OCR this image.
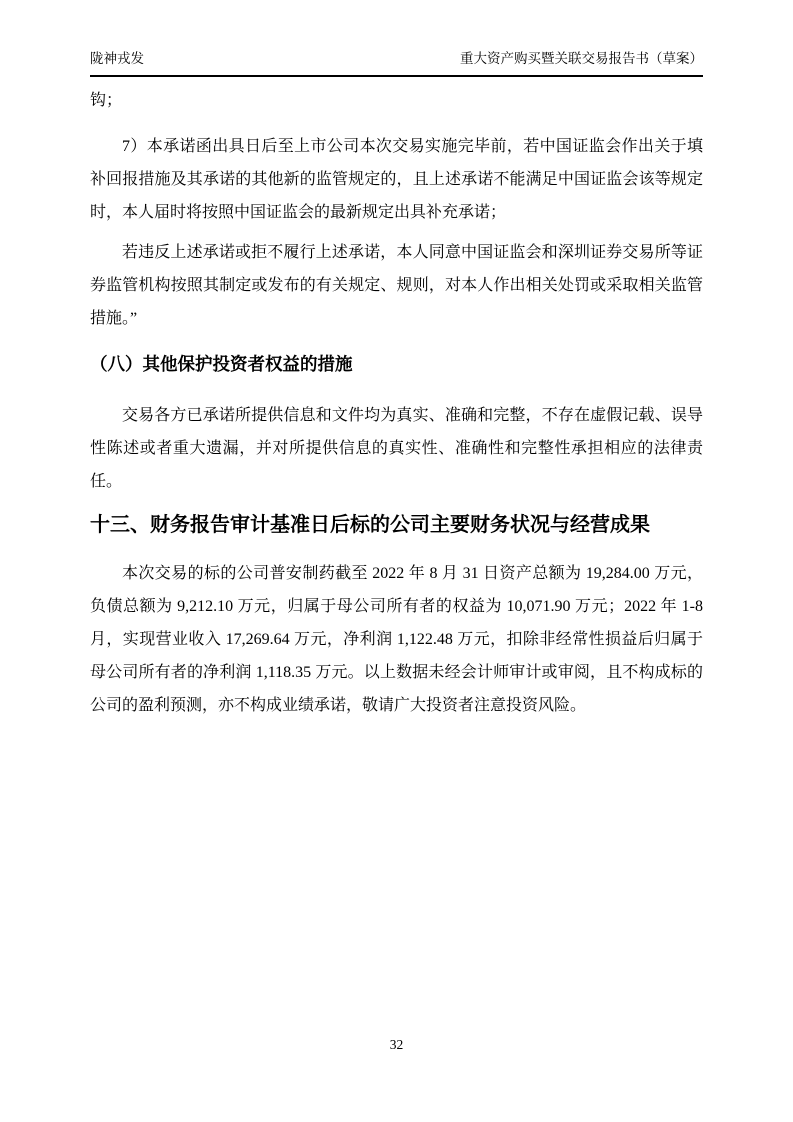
陇神戎发	重大资产购买暨关联交易报告书（草案）

钩；

7）本承诺函出具日后至上市公司本次交易实施完毕前，若中国证监会作出关于填补回报措施及其承诺的其他新的监管规定的，且上述承诺不能满足中国证监会该等规定时，本人届时将按照中国证监会的最新规定出具补充承诺；

若违反上述承诺或拒不履行上述承诺，本人同意中国证监会和深圳证券交易所等证券监管机构按照其制定或发布的有关规定、规则，对本人作出相关处罚或采取相关监管措施。”

（八）其他保护投资者权益的措施

交易各方已承诺所提供信息和文件均为真实、准确和完整，不存在虚假记载、误导性陈述或者重大遗漏，并对所提供信息的真实性、准确性和完整性承担相应的法律责任。

十三、财务报告审计基准日后标的公司主要财务状况与经营成果

本次交易的标的公司普安制药截至 2022 年 8 月 31 日资产总额为 19,284.00 万元，负债总额为 9,212.10 万元，归属于母公司所有者的权益为 10,071.90 万元；2022 年 1-8 月，实现营业收入 17,269.64 万元，净利润 1,122.48 万元，扣除非经常性损益后归属于母公司所有者的净利润 1,118.35 万元。以上数据未经会计师审计或审阅，且不构成标的公司的盈利预测，亦不构成业绩承诺，敬请广大投资者注意投资风险。

32
